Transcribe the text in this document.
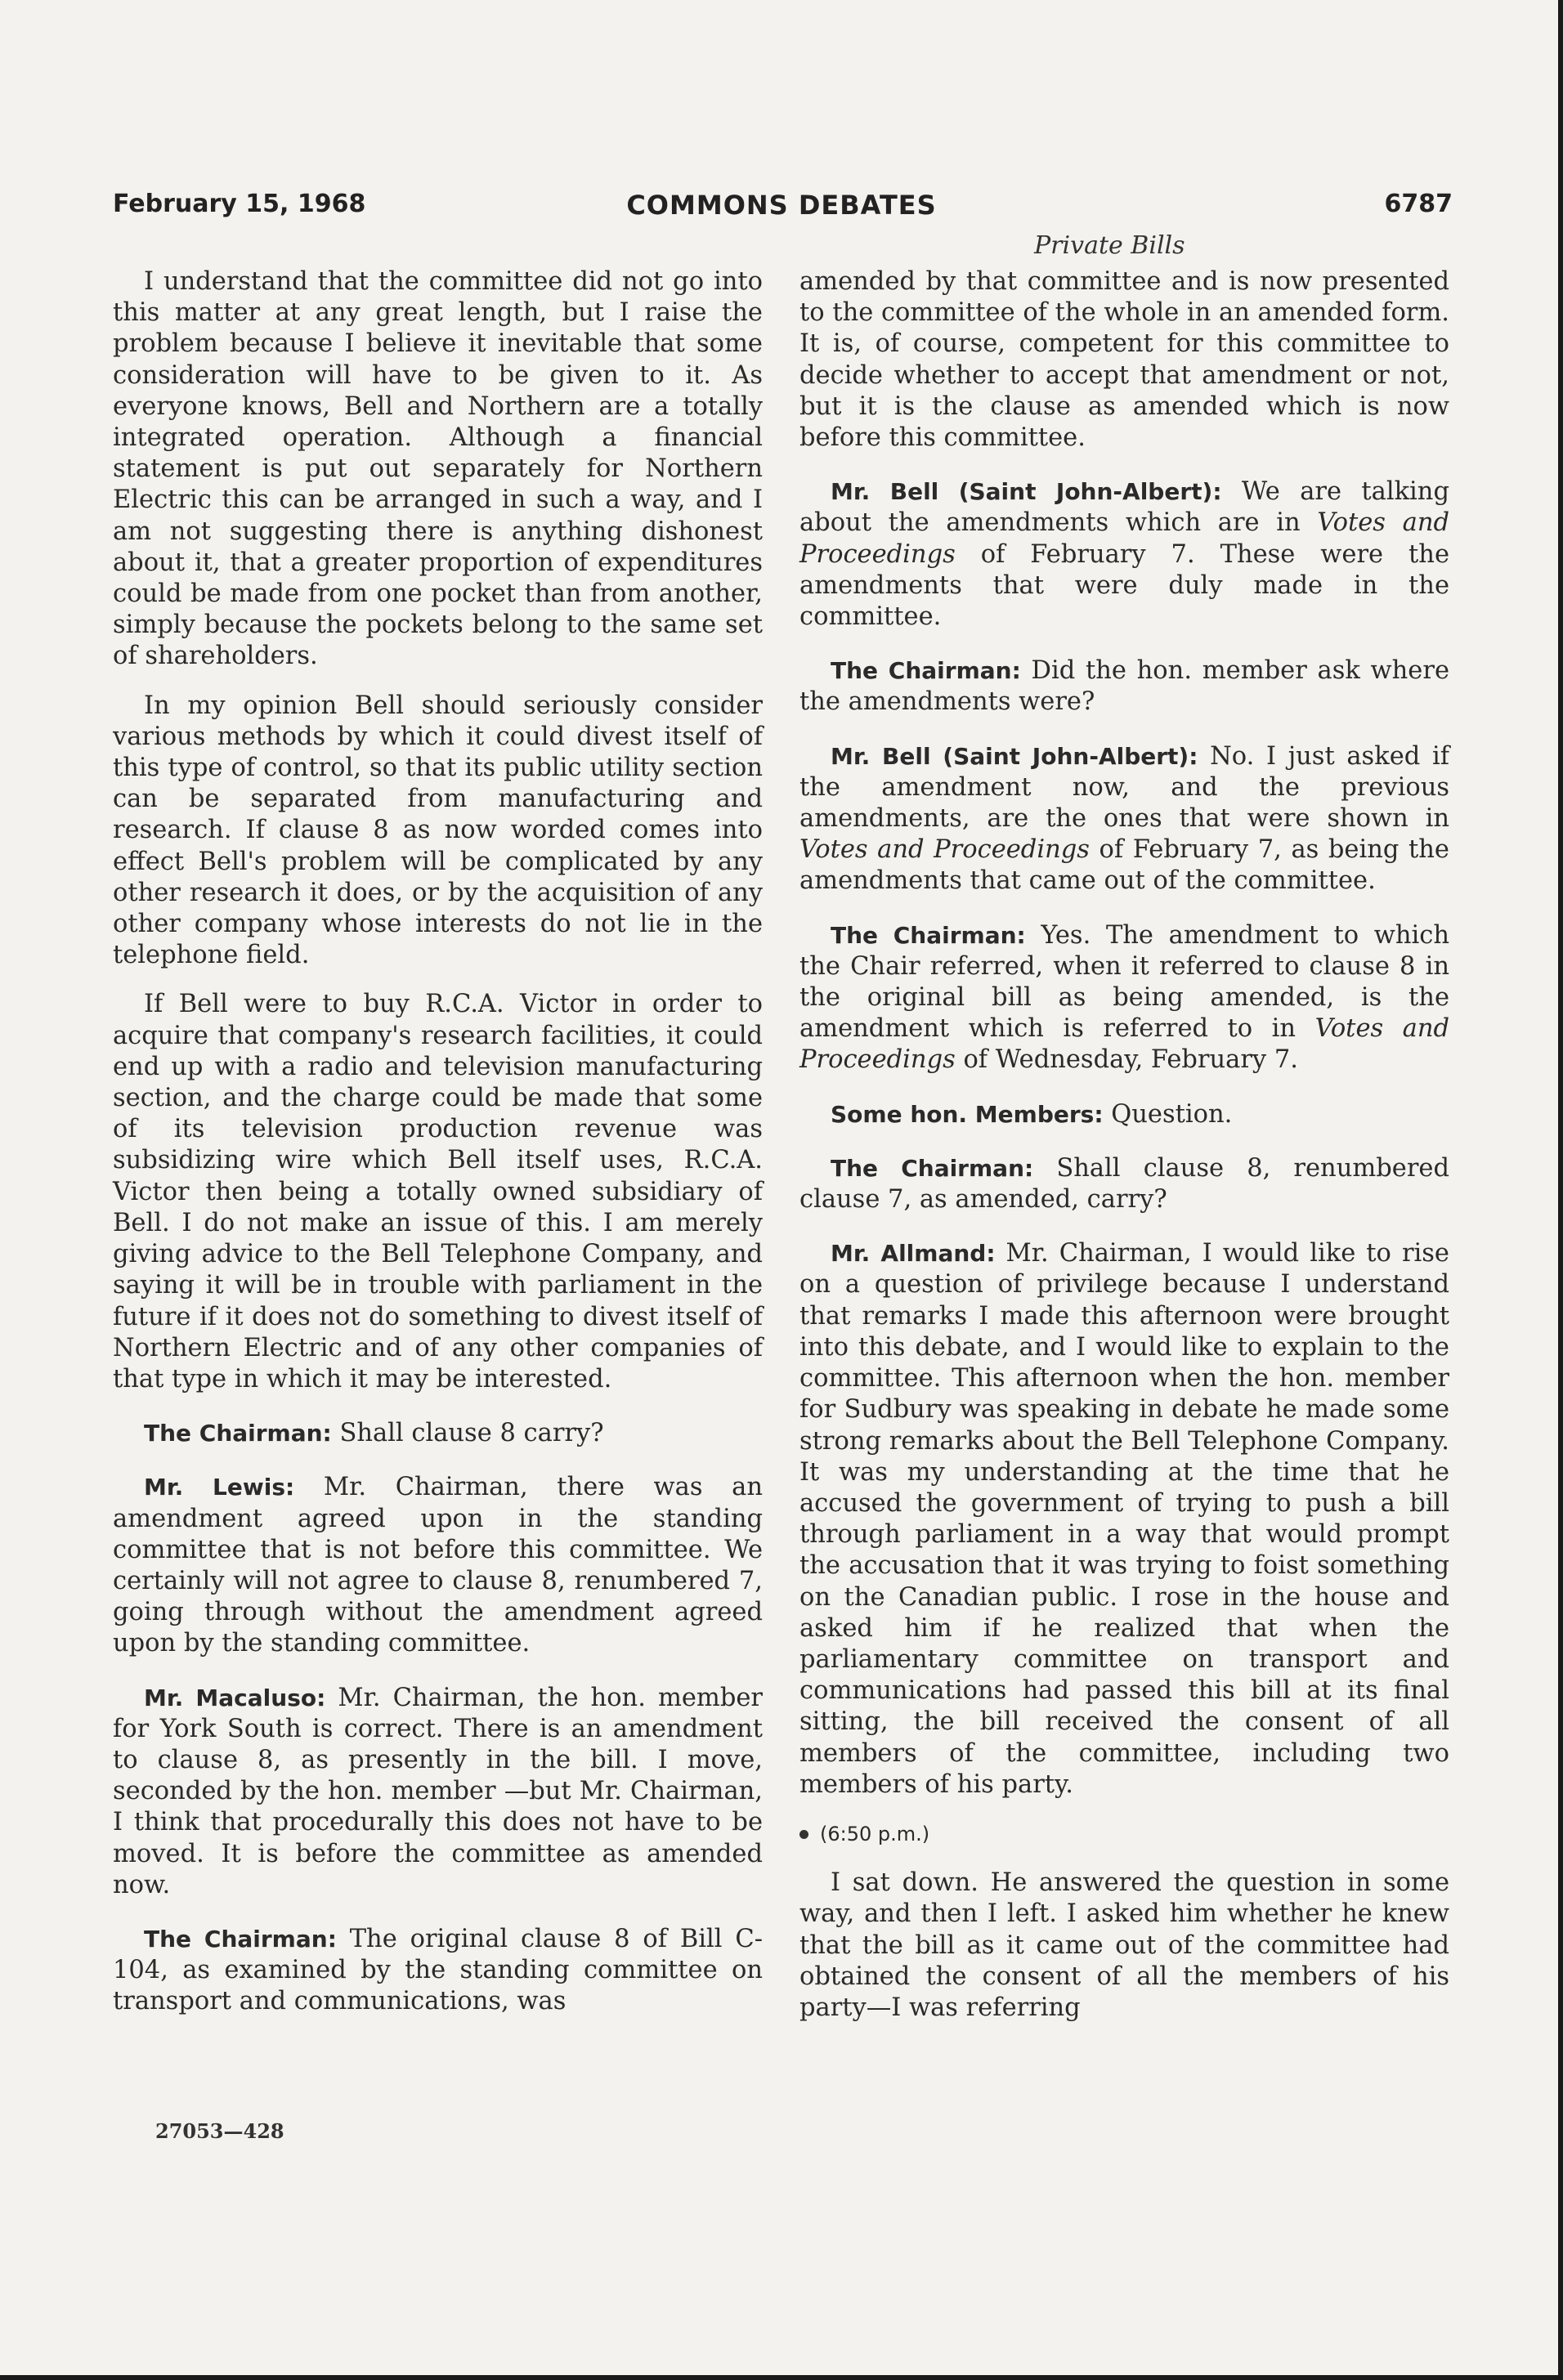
February 15, 1968	COMMONS DEBATES	6787
Private Bills

I understand that the committee did not go into this matter at any great length, but I raise the problem because I believe it inevitable that some consideration will have to be given to it. As everyone knows, Bell and Northern are a totally integrated operation. Although a financial statement is put out separately for Northern Electric this can be arranged in such a way, and I am not suggesting there is anything dishonest about it, that a greater proportion of expenditures could be made from one pocket than from another, simply because the pockets belong to the same set of shareholders.

In my opinion Bell should seriously consider various methods by which it could divest itself of this type of control, so that its public utility section can be separated from manufacturing and research. If clause 8 as now worded comes into effect Bell's problem will be complicated by any other research it does, or by the acquisition of any other company whose interests do not lie in the telephone field.

If Bell were to buy R.C.A. Victor in order to acquire that company's research facilities, it could end up with a radio and television manufacturing section, and the charge could be made that some of its television production revenue was subsidizing wire which Bell itself uses, R.C.A. Victor then being a totally owned subsidiary of Bell. I do not make an issue of this. I am merely giving advice to the Bell Telephone Company, and saying it will be in trouble with parliament in the future if it does not do something to divest itself of Northern Electric and of any other companies of that type in which it may be interested.

The Chairman: Shall clause 8 carry?

Mr. Lewis: Mr. Chairman, there was an amendment agreed upon in the standing committee that is not before this committee. We certainly will not agree to clause 8, renumbered 7, going through without the amendment agreed upon by the standing committee.

Mr. Macaluso: Mr. Chairman, the hon. member for York South is correct. There is an amendment to clause 8, as presently in the bill. I move, seconded by the hon. member —but Mr. Chairman, I think that procedurally this does not have to be moved. It is before the committee as amended now.

The Chairman: The original clause 8 of Bill C-104, as examined by the standing committee on transport and communications, was

27053—428

amended by that committee and is now presented to the committee of the whole in an amended form. It is, of course, competent for this committee to decide whether to accept that amendment or not, but it is the clause as amended which is now before this committee.

Mr. Bell (Saint John-Albert): We are talking about the amendments which are in Votes and Proceedings of February 7. These were the amendments that were duly made in the committee.

The Chairman: Did the hon. member ask where the amendments were?

Mr. Bell (Saint John-Albert): No. I just asked if the amendment now, and the previous amendments, are the ones that were shown in Votes and Proceedings of February 7, as being the amendments that came out of the committee.

The Chairman: Yes. The amendment to which the Chair referred, when it referred to clause 8 in the original bill as being amended, is the amendment which is referred to in Votes and Proceedings of Wednesday, February 7.

Some hon. Members: Question.

The Chairman: Shall clause 8, renumbered clause 7, as amended, carry?

Mr. Allmand: Mr. Chairman, I would like to rise on a question of privilege because I understand that remarks I made this afternoon were brought into this debate, and I would like to explain to the committee. This afternoon when the hon. member for Sudbury was speaking in debate he made some strong remarks about the Bell Telephone Company. It was my understanding at the time that he accused the government of trying to push a bill through parliament in a way that would prompt the accusation that it was trying to foist something on the Canadian public. I rose in the house and asked him if he realized that when the parliamentary committee on transport and communications had passed this bill at its final sitting, the bill received the consent of all members of the committee, including two members of his party.

(6:50 p.m.)

I sat down. He answered the question in some way, and then I left. I asked him whether he knew that the bill as it came out of the committee had obtained the consent of all the members of his party—I was referring
